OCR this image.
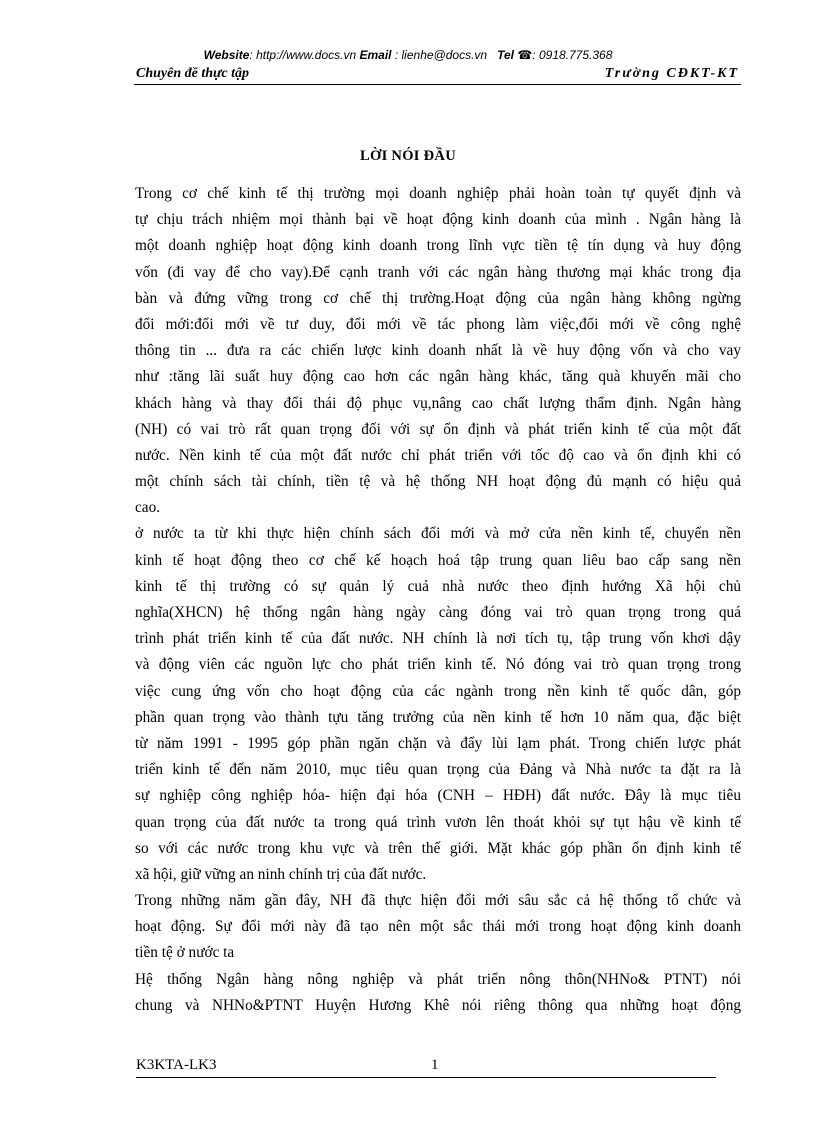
Website: http://www.docs.vn Email : lienhe@docs.vn Tel ☎: 0918.775.368
Chuyên đề thực tập	Trường CĐKT-KT
LỜI NÓI ĐẦU
Trong cơ chế kinh tế thị trường mọi doanh nghiệp phải hoàn toàn tự quyết định và
tự chịu trách nhiệm mọi thành bại về hoạt động kinh doanh của mình . Ngân hàng là
một doanh nghiệp hoạt động kinh doanh trong lĩnh vực tiền tệ tín dụng và huy động
vốn (đi vay để cho vay).Để cạnh tranh với các ngân hàng thương mại khác trong địa
bàn và đứng vững trong cơ chế thị trường.Hoạt động của ngân hàng không ngừng
đổi mới:đổi mới về tư duy, đổi mới về tác phong làm việc,đổi mới về công nghệ
thông tin ... đưa ra các chiến lược kinh doanh nhất là về huy động vốn và cho vay
như :tăng lãi suất huy động cao hơn các ngân hàng khác, tăng quà khuyến mãi cho
khách hàng và thay đổi thái độ phục vụ,nâng cao chất lượng thẩm định. Ngân hàng
(NH) có vai trò rất quan trọng đối với sự ổn định và phát triển kinh tế của một đất
nước. Nền kinh tế của một đất nước chỉ phát triển với tốc độ cao và ổn định khi có
một chính sách tài chính, tiền tệ và hệ thống NH hoạt động đủ mạnh có hiệu quả
cao.
ở nước ta từ khi thực hiện chính sách đổi mới và mở cửa nền kinh tế, chuyển nền
kinh tế hoạt động theo cơ chế kế hoạch hoá tập trung quan liêu bao cấp sang nền
kinh tế thị trường có sự quản lý cuả nhà nước theo định hướng Xã hội chủ
nghĩa(XHCN) hệ thống ngân hàng ngày càng đóng vai trò quan trọng trong quá
trình phát triển kinh tế của đất nước. NH chính là nơi tích tụ, tập trung vốn khơi dậy
và động viên các nguồn lực cho phát triển kinh tế. Nó đóng vai trò quan trọng trong
việc cung ứng vốn cho hoạt động của các ngành trong nền kinh tế quốc dân, góp
phần quan trọng vào thành tựu tăng trưởng của nền kinh tế hơn 10 năm qua, đặc biệt
từ năm 1991 - 1995 góp phần ngăn chặn và đẩy lùi lạm phát. Trong chiến lược phát
triển kinh tế đến năm 2010, mục tiêu quan trọng của Đảng và Nhà nước ta đặt ra là
sự nghiệp công nghiệp hóa- hiện đại hóa (CNH – HĐH) đất nước. Đây là mục tiêu
quan trọng của đất nước ta trong quá trình vươn lên thoát khỏi sự tụt hậu về kinh tế
so với các nước trong khu vực và trên thế giới. Mặt khác góp phần ổn định kinh tế
xã hội, giữ vững an ninh chính trị của đất nước.
Trong những năm gần đây, NH đã thực hiện đổi mới sâu sắc cả hệ thống tổ chức và
hoạt động. Sự đổi mới này đã tạo nên một sắc thái mới trong hoạt động kinh doanh
tiền tệ ở nước ta
Hệ thống Ngân hàng nông nghiệp và phát triển nông thôn(NHNo& PTNT) nói
chung và NHNo&PTNT Huyện Hương Khê nói riêng thông qua những hoạt động
K3KTA-LK3	1
